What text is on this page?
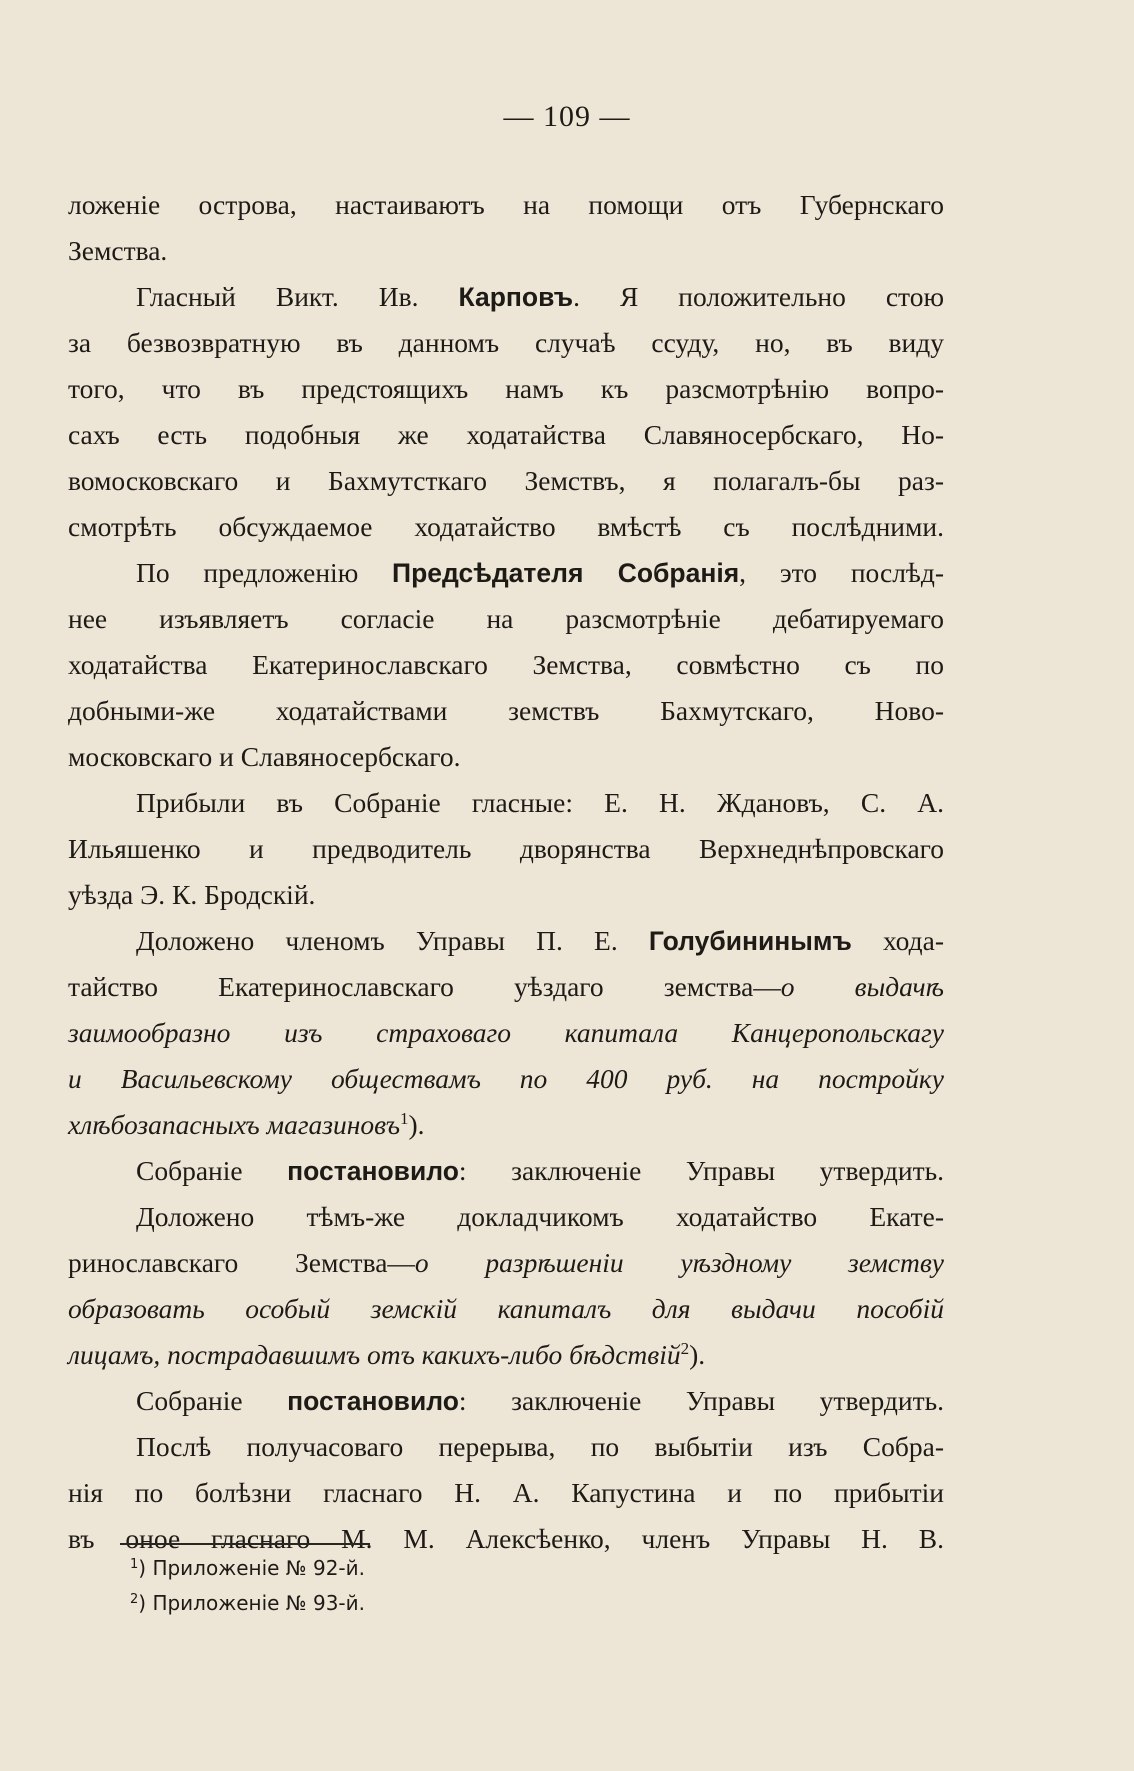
— 109 —
ложеніе острова, настаиваютъ на помощи отъ Губернскаго
Земства.
Гласный Викт. Ив. Карповъ. Я положительно стою
за безвозвратную въ данномъ случаѣ ссуду, но, въ виду
того, что въ предстоящихъ намъ къ разсмотрѣнію вопро-
сахъ есть подобныя же ходатайства Славяносербскаго, Но-
вомосковскаго и Бахмутсткаго Земствъ, я полагалъ-бы раз-
смотрѣть обсуждаемое ходатайство вмѣстѣ съ послѣдними.
По предложенію Предсѣдателя Собранія, это послѣд-
нее изъявляетъ согласіе на разсмотрѣніе дебатируемаго
ходатайства Екатеринославскаго Земства, совмѣстно съ по
добными-же ходатайствами земствъ Бахмутскаго, Ново-
московскаго и Славяносербскаго.
Прибыли въ Собраніе гласные: Е. Н. Ждановъ, С. А.
Ильяшенко и предводитель дворянства Верхнеднѣпровскаго
уѣзда Э. К. Бродскій.
Доложено членомъ Управы П. Е. Голубининымъ хода-
тайство Екатеринославскаго уѣздаго земства—о выдачѣ
заимообразно изъ страховаго капитала Канцеропольскагу
и Васильевскому обществамъ по 400 руб. на постройку
хлѣбозапасныхъ магазиновъ$^1$).
Собраніе постановило: заключеніе Управы утвердить.
Доложено тѣмъ-же докладчикомъ ходатайство Екате-
ринославскаго Земства—о разрѣшеніи уѣздному земству
образовать особый земскій капиталъ для выдачи пособій
лицамъ, пострадавшимъ отъ какихъ-либо бѣдствій$^2$).
Собраніе постановило: заключеніе Управы утвердить.
Послѣ получасоваго перерыва, по выбытіи изъ Собра-
нія по болѣзни гласнаго Н. А. Капустина и по прибытіи
въ оное гласнаго М. М. Алексѣенко, членъ Управы Н. В.
$^1$) Приложеніе № 92-й.
$^2$) Приложеніе № 93-й.
